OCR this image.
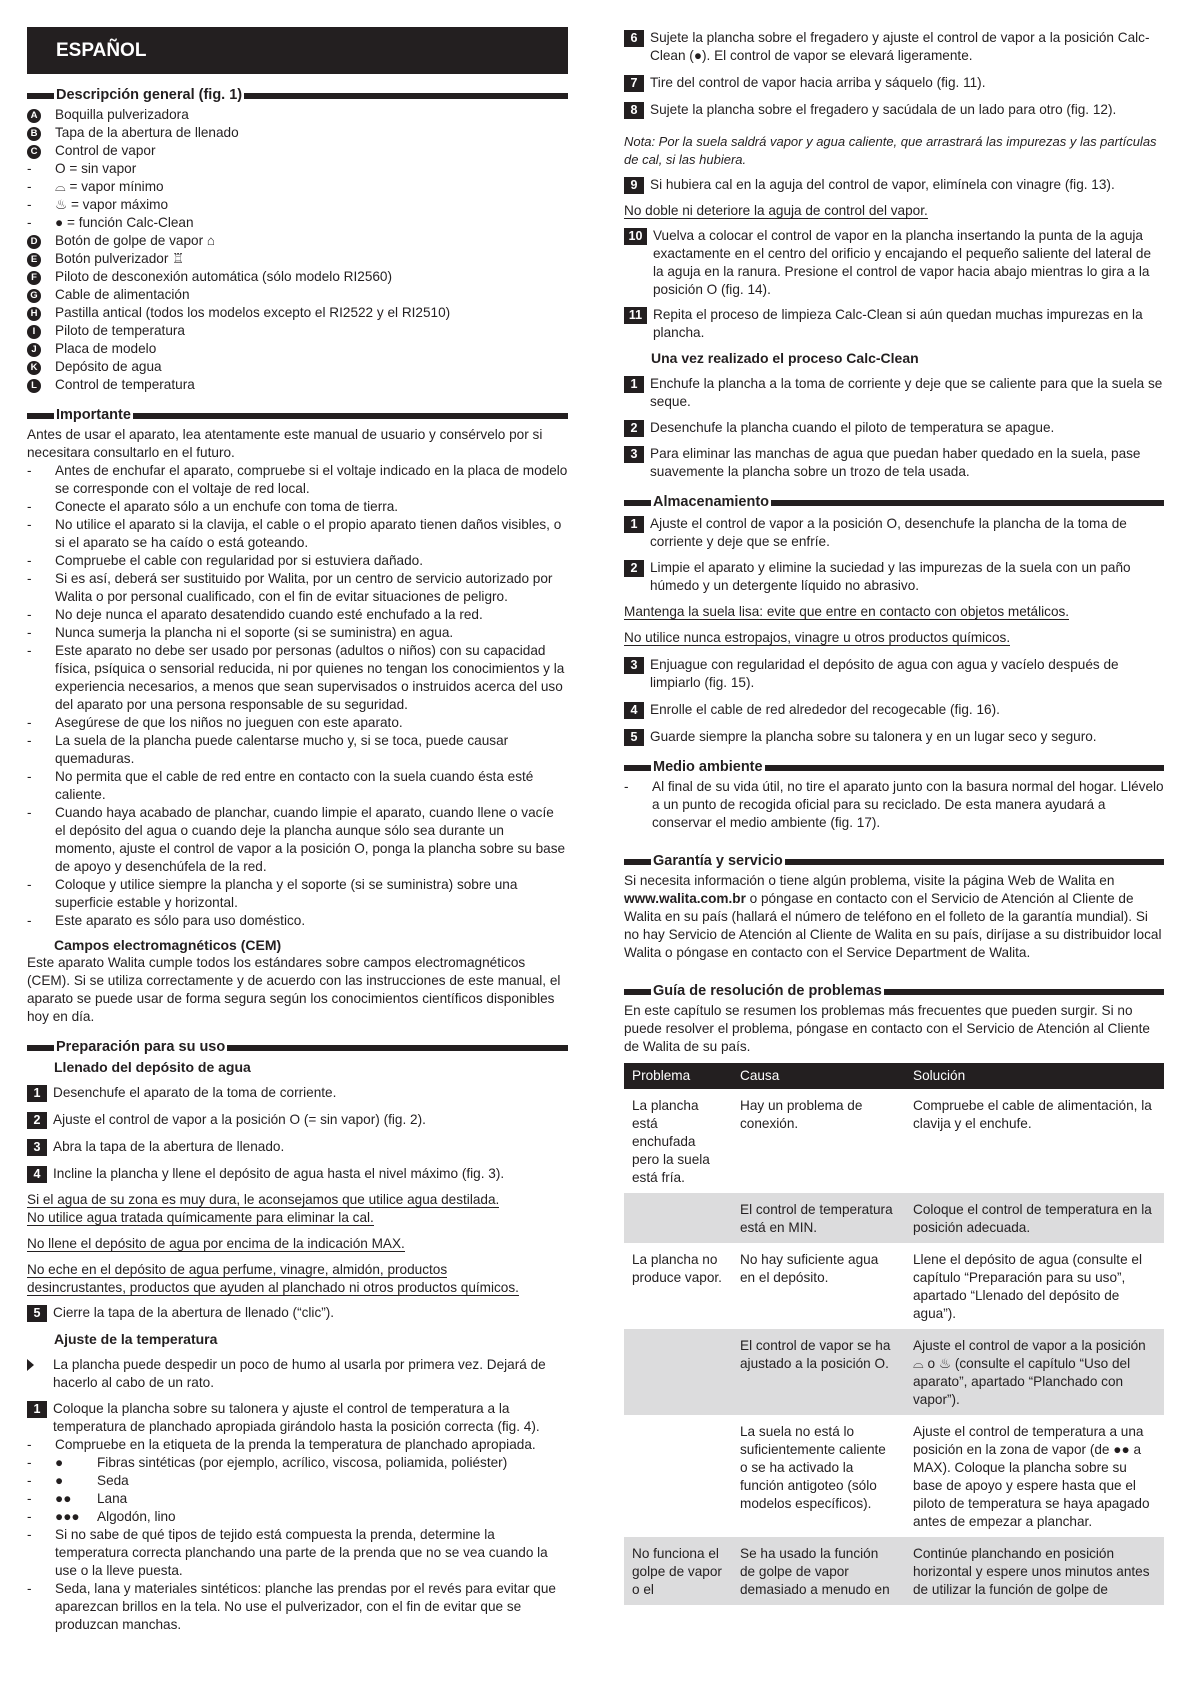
ESPAÑOL
Descripción general (fig. 1)
A	Boquilla pulverizadora
B	Tapa de la abertura de llenado
C	Control de vapor
-	O = sin vapor
-	⌓ = vapor mínimo
-	♨ = vapor máximo
-	● = función Calc-Clean
D	Botón de golpe de vapor ⌂
E	Botón pulverizador ♖
F	Piloto de desconexión automática (sólo modelo RI2560)
G	Cable de alimentación
H	Pastilla antical (todos los modelos excepto el RI2522 y el RI2510)
I	Piloto de temperatura
J	Placa de modelo
K	Depósito de agua
L	Control de temperatura
Importante
Antes de usar el aparato, lea atentamente este manual de usuario y consérvelo por si necesitara consultarlo en el futuro.
-	Antes de enchufar el aparato, compruebe si el voltaje indicado en la placa de modelo se corresponde con el voltaje de red local.
-	Conecte el aparato sólo a un enchufe con toma de tierra.
-	No utilice el aparato si la clavija, el cable o el propio aparato tienen daños visibles, o si el aparato se ha caído o está goteando.
-	Compruebe el cable con regularidad por si estuviera dañado.
-	Si es así, deberá ser sustituido por Walita, por un centro de servicio autorizado por Walita o por personal cualificado, con el fin de evitar situaciones de peligro.
-	No deje nunca el aparato desatendido cuando esté enchufado a la red.
-	Nunca sumerja la plancha ni el soporte (si se suministra) en agua.
-	Este aparato no debe ser usado por personas (adultos o niños) con su capacidad física, psíquica o sensorial reducida, ni por quienes no tengan los conocimientos y la experiencia necesarios, a menos que sean supervisados o instruidos acerca del uso del aparato por una persona responsable de su seguridad.
-	Asegúrese de que los niños no jueguen con este aparato.
-	La suela de la plancha puede calentarse mucho y, si se toca, puede causar quemaduras.
-	No permita que el cable de red entre en contacto con la suela cuando ésta esté caliente.
-	Cuando haya acabado de planchar, cuando limpie el aparato, cuando llene o vacíe el depósito del agua o cuando deje la plancha aunque sólo sea durante un momento, ajuste el control de vapor a la posición O, ponga la plancha sobre su base de apoyo y desenchúfela de la red.
-	Coloque y utilice siempre la plancha y el soporte (si se suministra) sobre una superficie estable y horizontal.
-	Este aparato es sólo para uso doméstico.
Campos electromagnéticos (CEM)
Este aparato Walita cumple todos los estándares sobre campos electromagnéticos (CEM). Si se utiliza correctamente y de acuerdo con las instrucciones de este manual, el aparato se puede usar de forma segura según los conocimientos científicos disponibles hoy en día.
Preparación para su uso
Llenado del depósito de agua
1 Desenchufe el aparato de la toma de corriente.
2 Ajuste el control de vapor a la posición O (= sin vapor) (fig. 2).
3 Abra la tapa de la abertura de llenado.
4 Incline la plancha y llene el depósito de agua hasta el nivel máximo (fig. 3).
Si el agua de su zona es muy dura, le aconsejamos que utilice agua destilada.
No utilice agua tratada químicamente para eliminar la cal.
No llene el depósito de agua por encima de la indicación MAX.
No eche en el depósito de agua perfume, vinagre, almidón, productos
desincrustantes, productos que ayuden al planchado ni otros productos químicos.
5 Cierre la tapa de la abertura de llenado (“clic”).
Ajuste de la temperatura
La plancha puede despedir un poco de humo al usarla por primera vez. Dejará de hacerlo al cabo de un rato.
1 Coloque la plancha sobre su talonera y ajuste el control de temperatura a la temperatura de planchado apropiada girándolo hasta la posición correcta (fig. 4).
-	Compruebe en la etiqueta de la prenda la temperatura de planchado apropiada.
-	●	Fibras sintéticas (por ejemplo, acrílico, viscosa, poliamida, poliéster)
-	●	Seda
-	●●	Lana
-	●●●	Algodón, lino
-	Si no sabe de qué tipos de tejido está compuesta la prenda, determine la temperatura correcta planchando una parte de la prenda que no se vea cuando la use o la lleve puesta.
-	Seda, lana y materiales sintéticos: planche las prendas por el revés para evitar que aparezcan brillos en la tela. No use el pulverizador, con el fin de evitar que se produzcan manchas.
6 Sujete la plancha sobre el fregadero y ajuste el control de vapor a la posición Calc-Clean (●). El control de vapor se elevará ligeramente.
7 Tire del control de vapor hacia arriba y sáquelo (fig. 11).
8 Sujete la plancha sobre el fregadero y sacúdala de un lado para otro (fig. 12).
Nota: Por la suela saldrá vapor y agua caliente, que arrastrará las impurezas y las partículas de cal, si las hubiera.
9 Si hubiera cal en la aguja del control de vapor, elimínela con vinagre (fig. 13).
No doble ni deteriore la aguja de control del vapor.
10 Vuelva a colocar el control de vapor en la plancha insertando la punta de la aguja exactamente en el centro del orificio y encajando el pequeño saliente del lateral de la aguja en la ranura. Presione el control de vapor hacia abajo mientras lo gira a la posición O (fig. 14).
11 Repita el proceso de limpieza Calc-Clean si aún quedan muchas impurezas en la plancha.
Una vez realizado el proceso Calc-Clean
1 Enchufe la plancha a la toma de corriente y deje que se caliente para que la suela se seque.
2 Desenchufe la plancha cuando el piloto de temperatura se apague.
3 Para eliminar las manchas de agua que puedan haber quedado en la suela, pase suavemente la plancha sobre un trozo de tela usada.
Almacenamiento
1 Ajuste el control de vapor a la posición O, desenchufe la plancha de la toma de corriente y deje que se enfríe.
2 Limpie el aparato y elimine la suciedad y las impurezas de la suela con un paño húmedo y un detergente líquido no abrasivo.
Mantenga la suela lisa: evite que entre en contacto con objetos metálicos.
No utilice nunca estropajos, vinagre u otros productos químicos.
3 Enjuague con regularidad el depósito de agua con agua y vacíelo después de limpiarlo (fig. 15).
4 Enrolle el cable de red alrededor del recogecable (fig. 16).
5 Guarde siempre la plancha sobre su talonera y en un lugar seco y seguro.
Medio ambiente
-	Al final de su vida útil, no tire el aparato junto con la basura normal del hogar. Llévelo a un punto de recogida oficial para su reciclado. De esta manera ayudará a conservar el medio ambiente (fig. 17).
Garantía y servicio
Si necesita información o tiene algún problema, visite la página Web de Walita en
www.walita.com.br o póngase en contacto con el Servicio de Atención al Cliente de Walita en su país (hallará el número de teléfono en el folleto de la garantía mundial). Si no hay Servicio de Atención al Cliente de Walita en su país, diríjase a su distribuidor local Walita o póngase en contacto con el Service Department de Walita.
Guía de resolución de problemas
En este capítulo se resumen los problemas más frecuentes que pueden surgir. Si no puede resolver el problema, póngase en contacto con el Servicio de Atención al Cliente de Walita de su país.
Problema	Causa	Solución
La plancha está enchufada pero la suela está fría.	Hay un problema de conexión.	Compruebe el cable de alimentación, la clavija y el enchufe.
	El control de temperatura está en MIN.	Coloque el control de temperatura en la posición adecuada.
La plancha no produce vapor.	No hay suficiente agua en el depósito.	Llene el depósito de agua (consulte el capítulo “Preparación para su uso”, apartado “Llenado del depósito de agua”).
	El control de vapor se ha ajustado a la posición O.	Ajuste el control de vapor a la posición ⌓ o ♨ (consulte el capítulo “Uso del aparato”, apartado “Planchado con vapor”).
	La suela no está lo suficientemente caliente o se ha activado la función antigoteo (sólo modelos específicos).	Ajuste el control de temperatura a una posición en la zona de vapor (de ●● a MAX). Coloque la plancha sobre su base de apoyo y espere hasta que el piloto de temperatura se haya apagado antes de empezar a planchar.
No funciona el golpe de vapor o el	Se ha usado la función de golpe de vapor demasiado a menudo en	Continúe planchando en posición horizontal y espere unos minutos antes de utilizar la función de golpe de
